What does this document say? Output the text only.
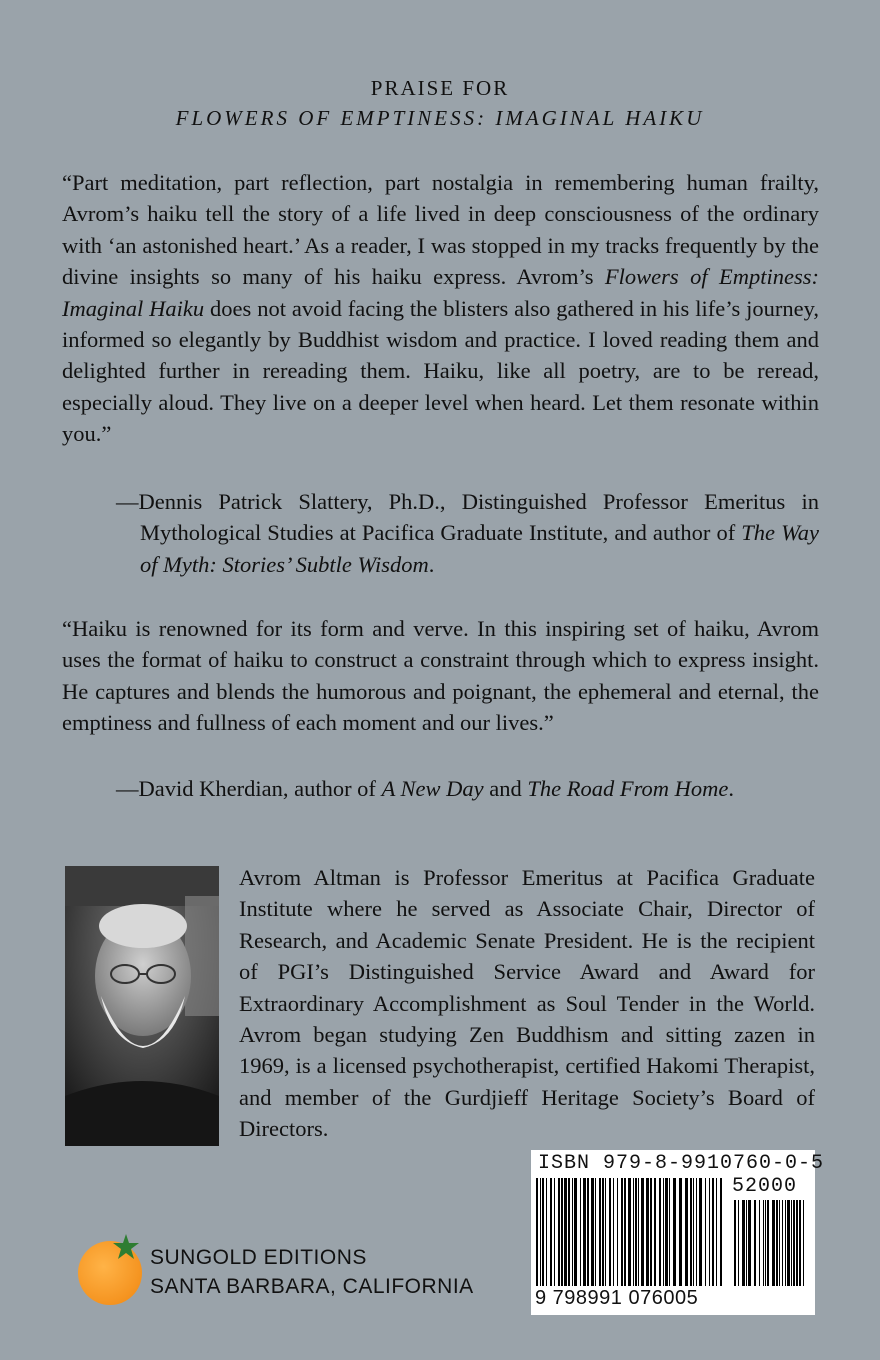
PRAISE FOR
FLOWERS OF EMPTINESS: IMAGINAL HAIKU
“Part meditation, part reflection, part nostalgia in remembering human frailty, Avrom’s haiku tell the story of a life lived in deep consciousness of the ordinary with ‘an astonished heart.’ As a reader, I was stopped in my tracks frequently by the divine insights so many of his haiku express. Avrom’s Flowers of Emptiness: Imaginal Haiku does not avoid facing the blisters also gathered in his life’s journey, informed so elegantly by Buddhist wisdom and practice. I loved reading them and delighted further in rereading them. Haiku, like all poetry, are to be reread, especially aloud. They live on a deeper level when heard. Let them resonate within you.”
—Dennis Patrick Slattery, Ph.D., Distinguished Professor Emeritus in Mythological Studies at Pacifica Graduate Institute, and author of The Way of Myth: Stories’ Subtle Wisdom.
“Haiku is renowned for its form and verve. In this inspiring set of haiku, Avrom uses the format of haiku to construct a constraint through which to express insight. He captures and blends the humorous and poignant, the ephemeral and eternal, the emptiness and fullness of each moment and our lives.”
—David Kherdian, author of A New Day and The Road From Home.
Avrom Altman is Professor Emeritus at Pacifica Graduate Institute where he served as Associate Chair, Director of Research, and Academic Senate President. He is the recipient of PGI’s Distinguished Service Award and Award for Extraordinary Accomplishment as Soul Tender in the World. Avrom began studying Zen Buddhism and sitting zazen in 1969, is a licensed psychotherapist, certified Hakomi Therapist, and member of the Gurdjieff Heritage Society’s Board of Directors.
SUNGOLD EDITIONS
SANTA BARBARA, CALIFORNIA
ISBN 979-8-9910760-0-5
52000
9 798991 076005
